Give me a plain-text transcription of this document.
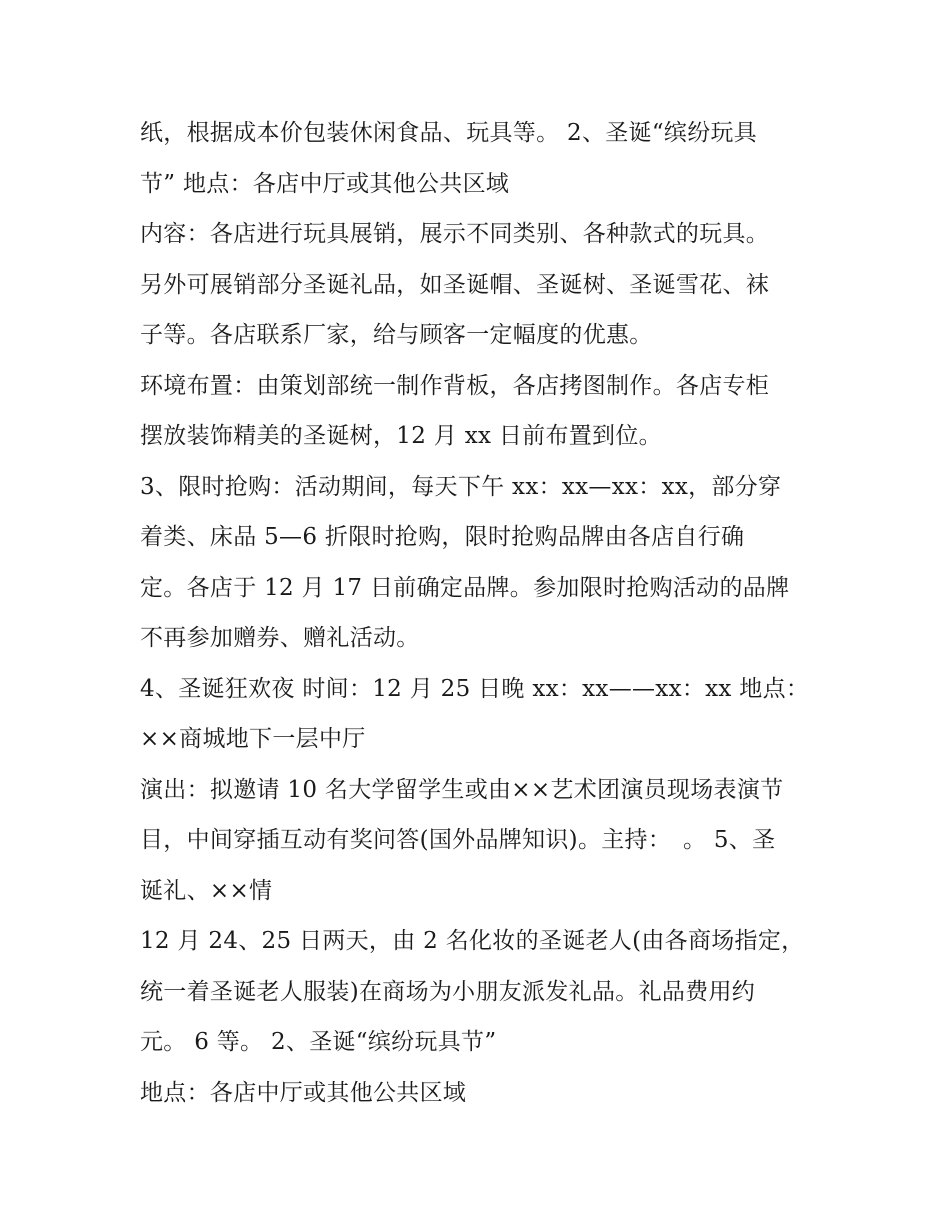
纸，根据成本价包装休闲食品、玩具等。 2、圣诞“缤纷玩具
节” 地点：各店中厅或其他公共区域
内容：各店进行玩具展销，展示不同类别、各种款式的玩具。
另外可展销部分圣诞礼品，如圣诞帽、圣诞树、圣诞雪花、袜
子等。各店联系厂家，给与顾客一定幅度的优惠。
环境布置：由策划部统一制作背板，各店拷图制作。各店专柜
摆放装饰精美的圣诞树，12 月 xx 日前布置到位。
3、限时抢购：活动期间，每天下午 xx：xx—xx：xx，部分穿
着类、床品 5—6 折限时抢购，限时抢购品牌由各店自行确
定。各店于 12 月 17 日前确定品牌。参加限时抢购活动的品牌
不再参加赠券、赠礼活动。
4、圣诞狂欢夜 时间：12 月 25 日晚 xx：xx——xx：xx 地点：
××商城地下一层中厅
演出：拟邀请 10 名大学留学生或由××艺术团演员现场表演节
目，中间穿插互动有奖问答(国外品牌知识)。主持：　。 5、圣
诞礼、××情
12 月 24、25 日两天，由 2 名化妆的圣诞老人(由各商场指定，
统一着圣诞老人服装)在商场为小朋友派发礼品。礼品费用约
元。 6 等。 2、圣诞“缤纷玩具节”
地点：各店中厅或其他公共区域
